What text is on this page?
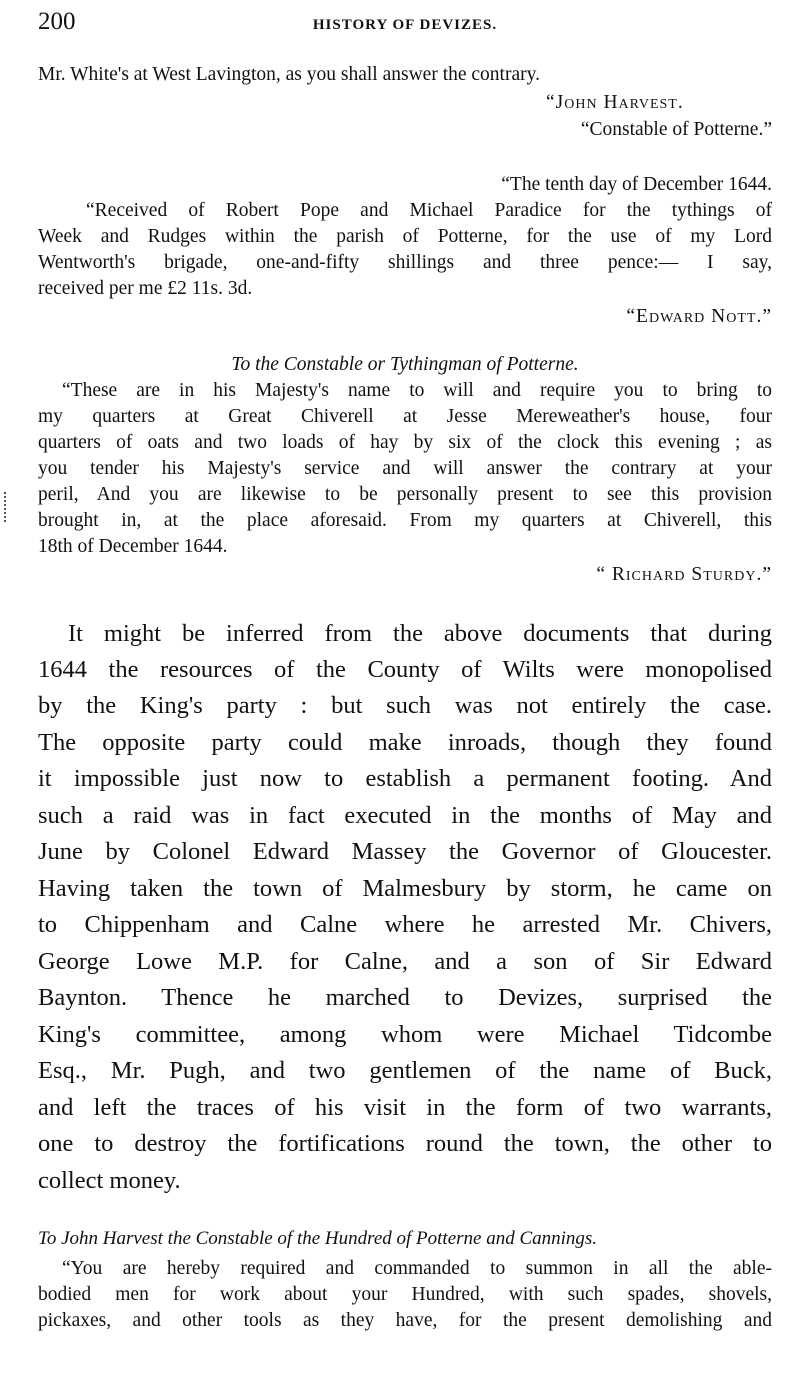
200	HISTORY OF DEVIZES.
Mr. White's at West Lavington, as you shall answer the contrary.
“John Harvest.
“Constable of Potterne.”
“The tenth day of December 1644.
“Received of Robert Pope and Michael Paradice for the tythings of
Week and Rudges within the parish of Potterne, for the use of my Lord
Wentworth's brigade, one-and-fifty shillings and three pence:— I say,
received per me £2 11s. 3d.
“Edward Nott.”
To the Constable or Tythingman of Potterne.
“These are in his Majesty's name to will and require you to bring to
my quarters at Great Chiverell at Jesse Mereweather's house, four
quarters of oats and two loads of hay by six of the clock this evening ; as
you tender his Majesty's service and will answer the contrary at your
peril, And you are likewise to be personally present to see this provision
brought in, at the place aforesaid. From my quarters at Chiverell, this
18th of December 1644.
“ Richard Sturdy.”
It might be inferred from the above documents that during
1644 the resources of the County of Wilts were monopolised
by the King's party : but such was not entirely the case.
The opposite party could make inroads, though they found
it impossible just now to establish a permanent footing. And
such a raid was in fact executed in the months of May and
June by Colonel Edward Massey the Governor of Gloucester.
Having taken the town of Malmesbury by storm, he came on
to Chippenham and Calne where he arrested Mr. Chivers,
George Lowe M.P. for Calne, and a son of Sir Edward
Baynton. Thence he marched to Devizes, surprised the
King's committee, among whom were Michael Tidcombe
Esq., Mr. Pugh, and two gentlemen of the name of Buck,
and left the traces of his visit in the form of two warrants,
one to destroy the fortifications round the town, the other to
collect money.
To John Harvest the Constable of the Hundred of Potterne and Cannings.
“You are hereby required and commanded to summon in all the able-
bodied men for work about your Hundred, with such spades, shovels,
pickaxes, and other tools as they have, for the present demolishing and
